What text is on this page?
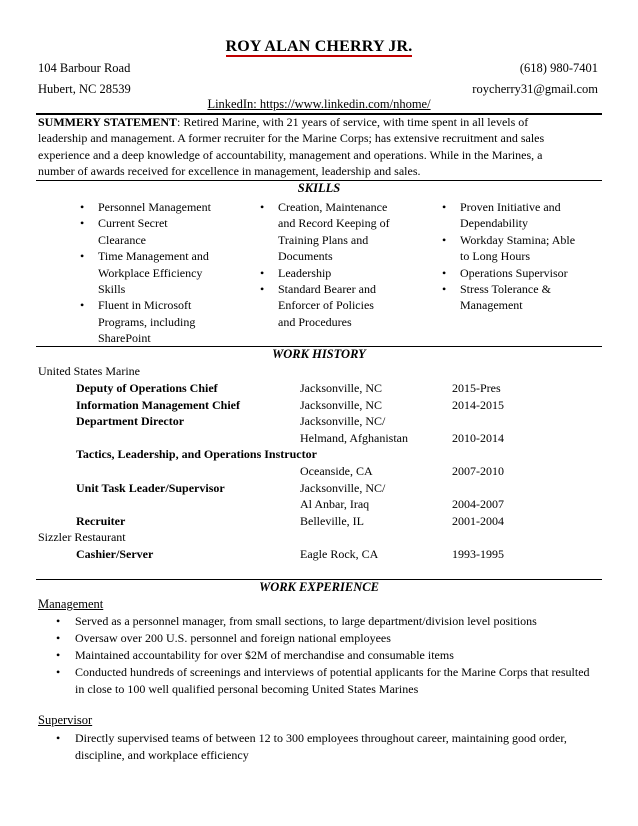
ROY ALAN CHERRY JR.
104 Barbour Road
Hubert, NC 28539
(618) 980-7401
roycherry31@gmail.com
LinkedIn: https://www.linkedin.com/nhome/
SUMMERY STATEMENT: Retired Marine, with 21 years of service, with time spent in all levels of
leadership and management. A former recruiter for the Marine Corps; has extensive recruitment and sales
experience and a deep knowledge of accountability, management and operations. While in the Marines, a
number of awards received for excellence in management, leadership and sales.
SKILLS
• Personnel Management
• Current Secret Clearance
• Time Management and Workplace Efficiency Skills
• Fluent in Microsoft Programs, including SharePoint
• Creation, Maintenance and Record Keeping of Training Plans and Documents
• Leadership
• Standard Bearer and Enforcer of Policies and Procedures
• Proven Initiative and Dependability
• Workday Stamina; Able to Long Hours
• Operations Supervisor
• Stress Tolerance & Management
WORK HISTORY
United States Marine
Deputy of Operations Chief	Jacksonville, NC	2015-Pres
Information Management Chief	Jacksonville, NC	2014-2015
Department Director	Jacksonville, NC/
Helmand, Afghanistan	2010-2014
Tactics, Leadership, and Operations Instructor
Oceanside, CA	2007-2010
Unit Task Leader/Supervisor	Jacksonville, NC/
Al Anbar, Iraq	2004-2007
Recruiter	Belleville, IL	2001-2004
Sizzler Restaurant
Cashier/Server	Eagle Rock, CA	1993-1995
WORK EXPERIENCE
Management
• Served as a personnel manager, from small sections, to large department/division level positions
• Oversaw over 200 U.S. personnel and foreign national employees
• Maintained accountability for over $2M of merchandise and consumable items
• Conducted hundreds of screenings and interviews of potential applicants for the Marine Corps that resulted in close to 100 well qualified personal becoming United States Marines
Supervisor
• Directly supervised teams of between 12 to 300 employees throughout career, maintaining good order, discipline, and workplace efficiency
